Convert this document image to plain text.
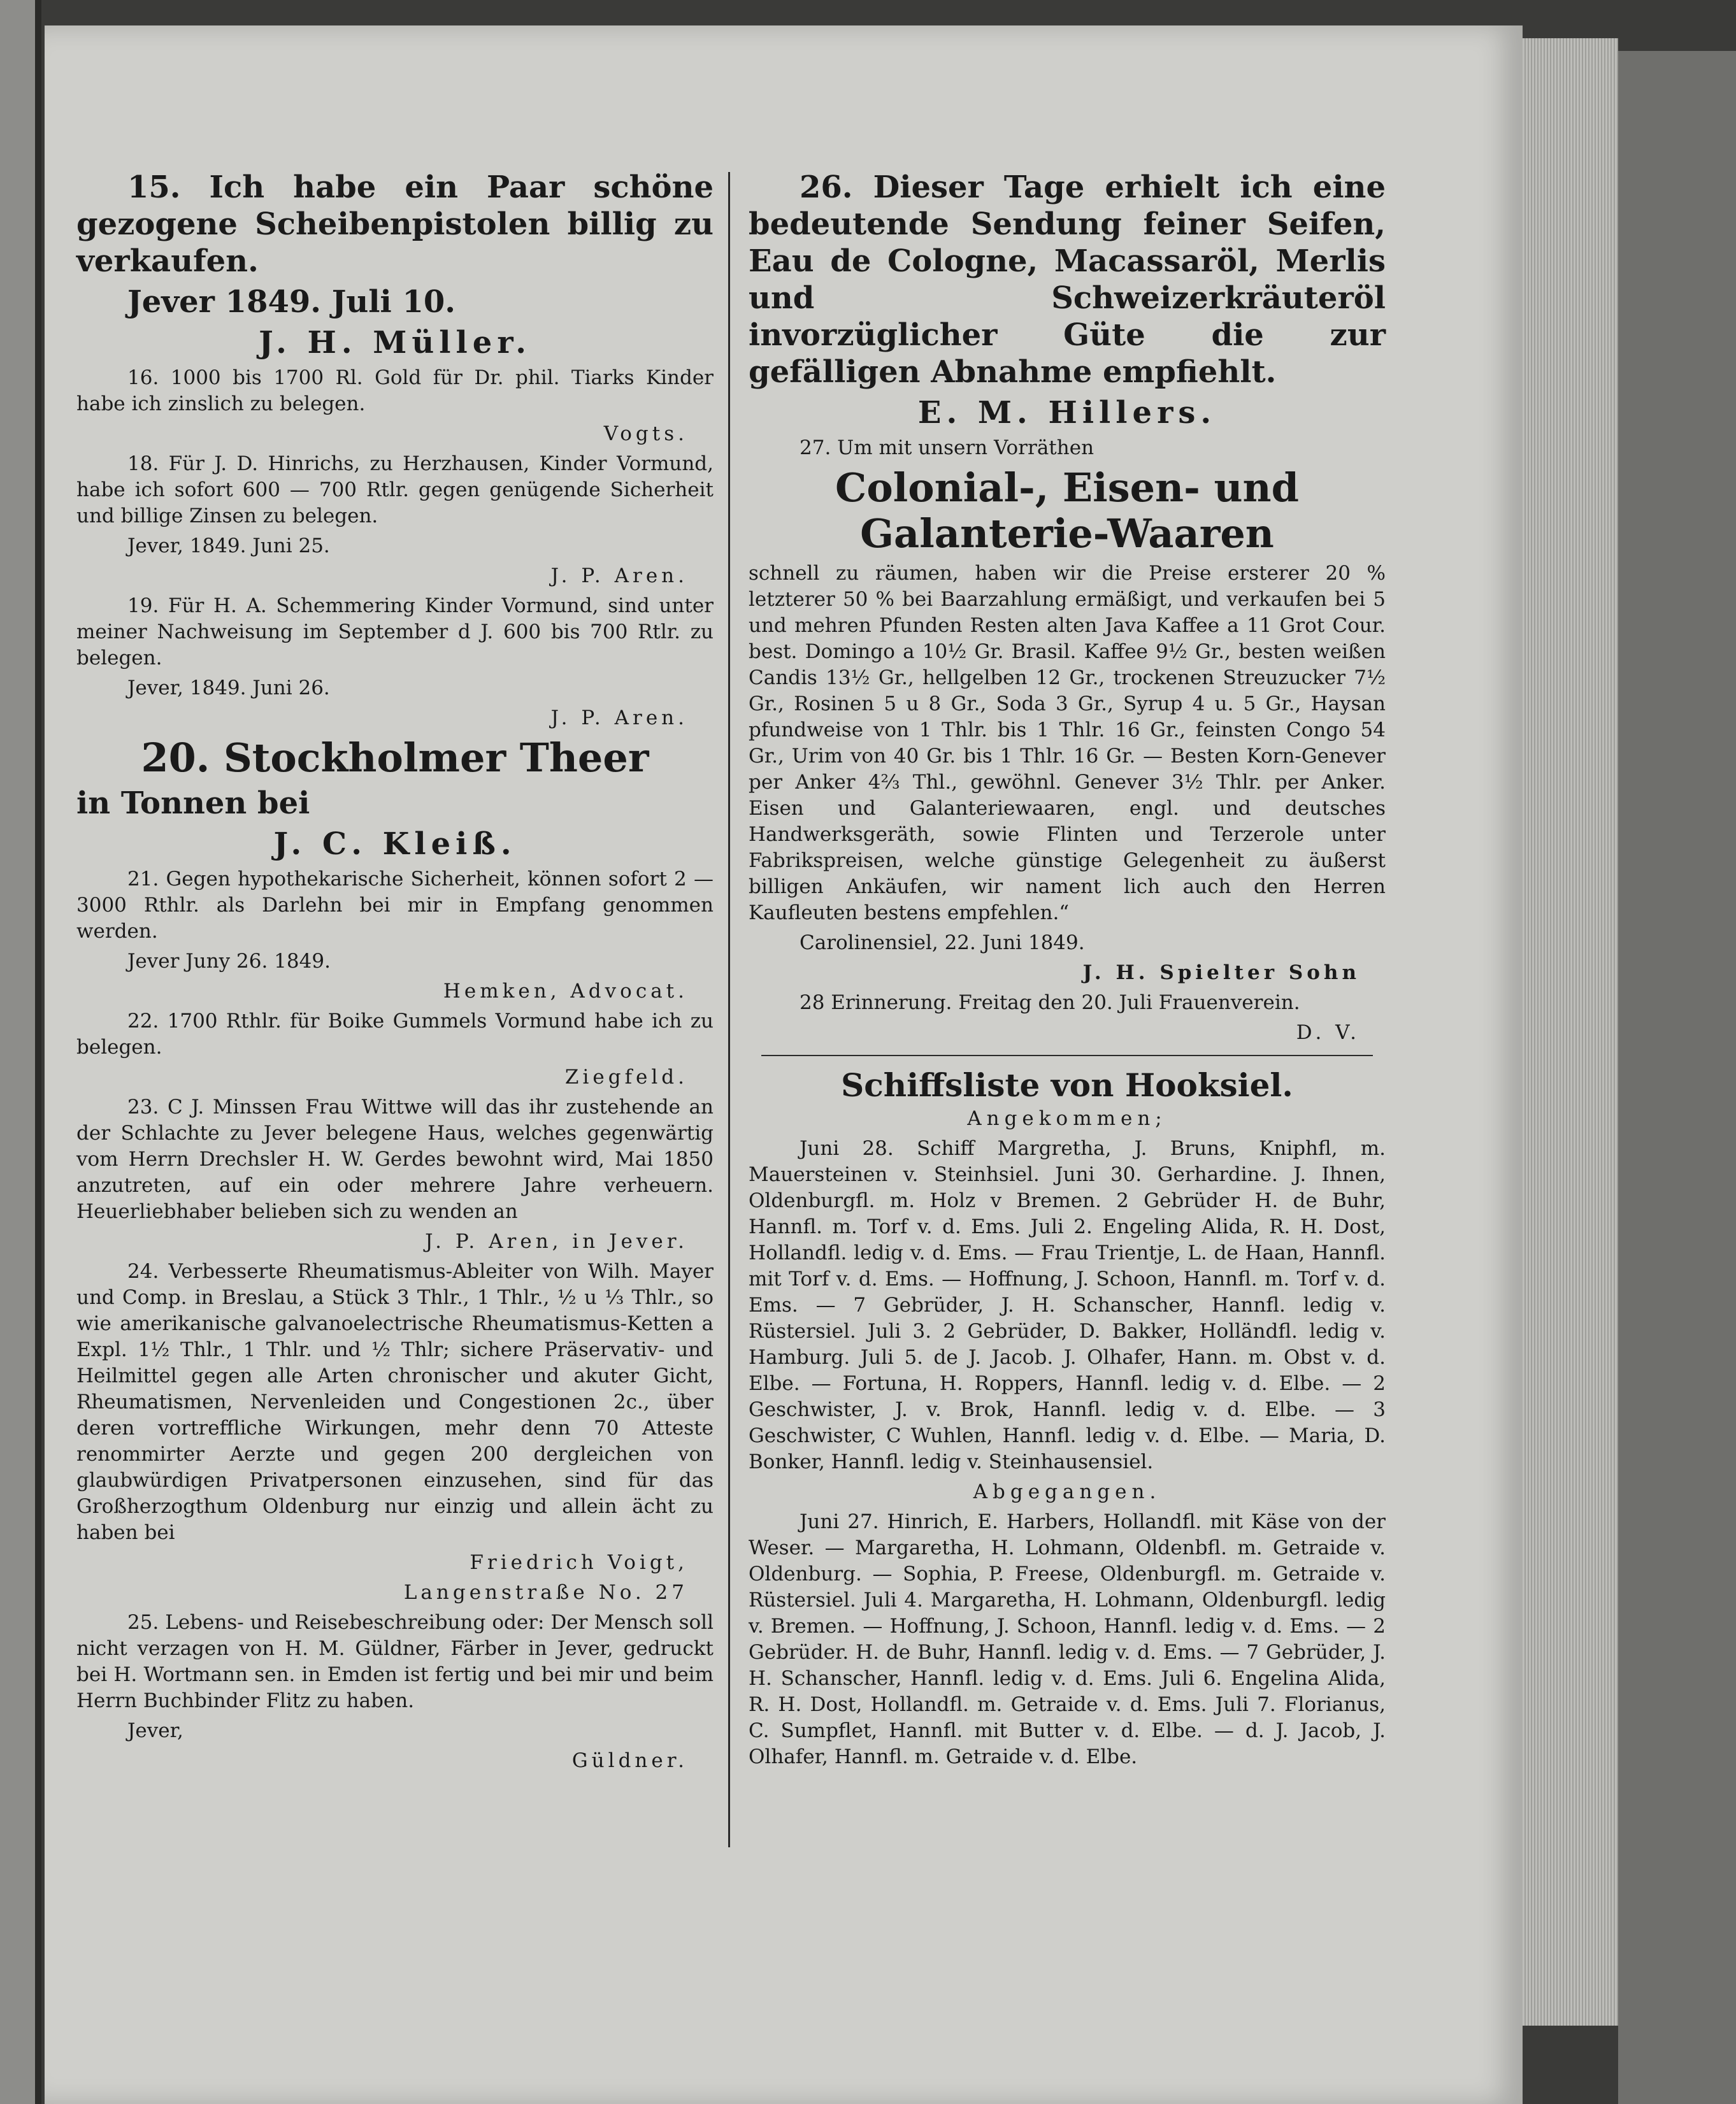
15. Ich habe ein Paar schöne gezogene Scheibenpistolen billig zu verkaufen.

Jever 1849. Juli 10.

J. H. Müller.

16. 1000 bis 1700 Rl. Gold für Dr. phil. Tiarks Kinder habe ich zinslich zu belegen.

Vogts.

18. Für J. D. Hinrichs, zu Herzhausen, Kinder Vormund, habe ich sofort 600 — 700 Rtlr. gegen genügende Sicherheit und billige Zinsen zu belegen.

Jever, 1849. Juni 25.

J. P. Aren.

19. Für H. A. Schemmering Kinder Vormund, sind unter meiner Nachweisung im September d J. 600 bis 700 Rtlr. zu belegen.

Jever, 1849. Juni 26.

J. P. Aren.

20. Stockholmer Theer

in Tonnen bei

J. C. Kleiß.

21. Gegen hypothekarische Sicherheit, können sofort 2 — 3000 Rthlr. als Darlehn bei mir in Empfang genommen werden.

Jever Juny 26. 1849.

Hemken, Advocat.

22. 1700 Rthlr. für Boike Gummels Vormund habe ich zu belegen.

Ziegfeld.

23. C J. Minssen Frau Wittwe will das ihr zustehende an der Schlachte zu Jever belegene Haus, welches gegenwärtig vom Herrn Drechsler H. W. Gerdes bewohnt wird, Mai 1850 anzutreten, auf ein oder mehrere Jahre verheuern. Heuerliebhaber belieben sich zu wenden an

J. P. Aren, in Jever.

24. Verbesserte Rheumatismus-Ableiter von Wilh. Mayer und Comp. in Breslau, a Stück 3 Thlr., 1 Thlr., ½ u ⅓ Thlr., so wie amerikanische galvanoelectrische Rheumatismus-Ketten a Expl. 1½ Thlr., 1 Thlr. und ½ Thlr; sichere Präservativ- und Heilmittel gegen alle Arten chronischer und akuter Gicht, Rheumatismen, Nervenleiden und Congestionen 2c., über deren vortreffliche Wirkungen, mehr denn 70 Atteste renommirter Aerzte und gegen 200 dergleichen von glaubwürdigen Privatpersonen einzusehen, sind für das Großherzogthum Oldenburg nur einzig und allein ächt zu haben bei

Friedrich Voigt,

Langenstraße No. 27

25. Lebens- und Reisebeschreibung oder: Der Mensch soll nicht verzagen von H. M. Güldner, Färber in Jever, gedruckt bei H. Wortmann sen. in Emden ist fertig und bei mir und beim Herrn Buchbinder Flitz zu haben.

Jever,

Güldner.

26. Dieser Tage erhielt ich eine bedeutende Sendung feiner Seifen, Eau de Cologne, Macassaröl, Merlis und Schweizerkräuteröl invorzüglicher Güte die zur gefälligen Abnahme empfiehlt.

E. M. Hillers.

27. Um mit unsern Vorräthen

Colonial-, Eisen- und Galanterie-Waaren

schnell zu räumen, haben wir die Preise ersterer 20 % letzterer 50 % bei Baarzahlung ermäßigt, und verkaufen bei 5 und mehren Pfunden Resten alten Java Kaffee a 11 Grot Cour. best. Domingo a 10½ Gr. Brasil. Kaffee 9½ Gr., besten weißen Candis 13½ Gr., hellgelben 12 Gr., trockenen Streuzucker 7½ Gr., Rosinen 5 u 8 Gr., Soda 3 Gr., Syrup 4 u. 5 Gr., Haysan pfundweise von 1 Thlr. bis 1 Thlr. 16 Gr., feinsten Congo 54 Gr., Urim von 40 Gr. bis 1 Thlr. 16 Gr. — Besten Korn-Genever per Anker 4⅔ Thl., gewöhnl. Genever 3½ Thlr. per Anker. Eisen und Galanteriewaaren, engl. und deutsches Handwerksgeräth, sowie Flinten und Terzerole unter Fabrikspreisen, welche günstige Gelegenheit zu äußerst billigen Ankäufen, wir nament lich auch den Herren Kaufleuten bestens empfehlen.“

Carolinensiel, 22. Juni 1849.

J. H. Spielter Sohn

28 Erinnerung. Freitag den 20. Juli Frauenverein.

D. V.

Schiffsliste von Hooksiel.

Angekommen;

Juni 28. Schiff Margretha, J. Bruns, Kniphfl, m. Mauersteinen v. Steinhsiel. Juni 30. Gerhardine. J. Ihnen, Oldenburgfl. m. Holz v Bremen. 2 Gebrüder H. de Buhr, Hannfl. m. Torf v. d. Ems. Juli 2. Engeling Alida, R. H. Dost, Hollandfl. ledig v. d. Ems. — Frau Trientje, L. de Haan, Hannfl. mit Torf v. d. Ems. — Hoffnung, J. Schoon, Hannfl. m. Torf v. d. Ems. — 7 Gebrüder, J. H. Schanscher, Hannfl. ledig v. Rüstersiel. Juli 3. 2 Gebrüder, D. Bakker, Holländfl. ledig v. Hamburg. Juli 5. de J. Jacob. J. Olhafer, Hann. m. Obst v. d. Elbe. — Fortuna, H. Roppers, Hannfl. ledig v. d. Elbe. — 2 Geschwister, J. v. Brok, Hannfl. ledig v. d. Elbe. — 3 Geschwister, C Wuhlen, Hannfl. ledig v. d. Elbe. — Maria, D. Bonker, Hannfl. ledig v. Steinhausensiel.

Abgegangen.

Juni 27. Hinrich, E. Harbers, Hollandfl. mit Käse von der Weser. — Margaretha, H. Lohmann, Oldenbfl. m. Getraide v. Oldenburg. — Sophia, P. Freese, Oldenburgfl. m. Getraide v. Rüstersiel. Juli 4. Margaretha, H. Lohmann, Oldenburgfl. ledig v. Bremen. — Hoffnung, J. Schoon, Hannfl. ledig v. d. Ems. — 2 Gebrüder. H. de Buhr, Hannfl. ledig v. d. Ems. — 7 Gebrüder, J. H. Schanscher, Hannfl. ledig v. d. Ems. Juli 6. Engelina Alida, R. H. Dost, Hollandfl. m. Getraide v. d. Ems. Juli 7. Florianus, C. Sumpflet, Hannfl. mit Butter v. d. Elbe. — d. J. Jacob, J. Olhafer, Hannfl. m. Getraide v. d. Elbe.
